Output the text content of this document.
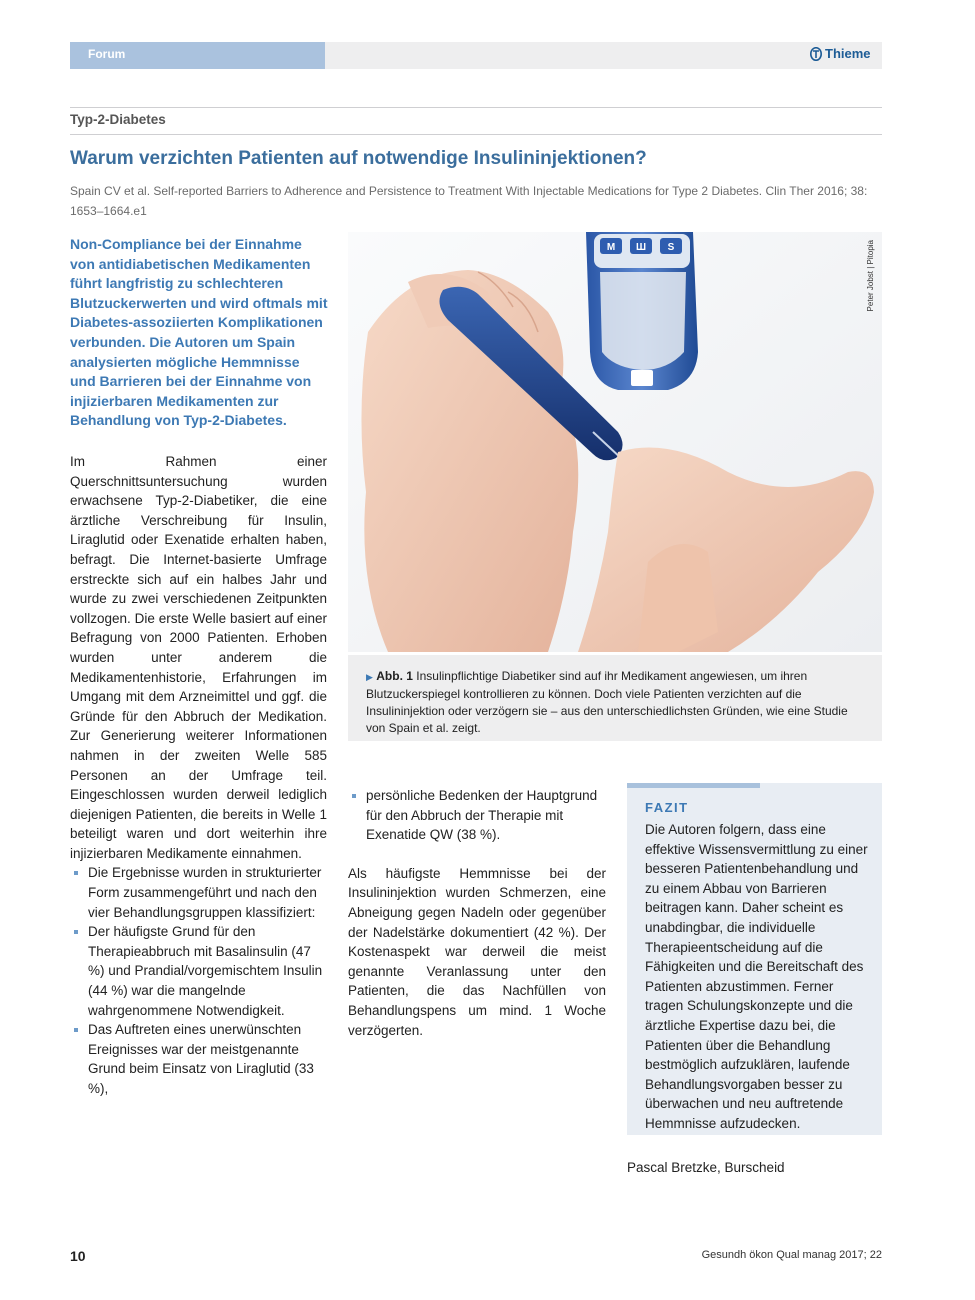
Forum	Thieme
Typ-2-Diabetes
Warum verzichten Patienten auf notwendige Insulininjektionen?
Spain CV et al. Self-reported Barriers to Adherence and Persistence to Treatment With Injectable Medications for Type 2 Diabetes. Clin Ther 2016; 38: 1653–1664.e1
Non-Compliance bei der Einnahme von antidiabetischen Medikamenten führt langfristig zu schlechteren Blutzuckerwerten und wird oftmals mit Diabetes-assoziierten Komplikationen verbunden. Die Autoren um Spain analysierten mögliche Hemmnisse und Barrieren bei der Einnahme von injizierbaren Medikamenten zur Behandlung von Typ-2-Diabetes.
Im Rahmen einer Querschnittsuntersuchung wurden erwachsene Typ-2-Diabetiker, die eine ärztliche Verschreibung für Insulin, Liraglutid oder Exenatide erhalten haben, befragt. Die Internet-basierte Umfrage erstreckte sich auf ein halbes Jahr und wurde zu zwei verschiedenen Zeitpunkten vollzogen. Die erste Welle basiert auf einer Befragung von 2000 Patienten. Erhoben wurden unter anderem die Medikamentenhistorie, Erfahrungen im Umgang mit dem Arzneimittel und ggf. die Gründe für den Abbruch der Medikation. Zur Generierung weiterer Informationen nahmen in der zweiten Welle 585 Personen an der Umfrage teil. Eingeschlossen wurden derweil lediglich diejenigen Patienten, die bereits in Welle 1 beteiligt waren und dort weiterhin ihre injizierbaren Medikamente einnahmen.
Die Ergebnisse wurden in strukturierter Form zusammengeführt und nach den vier Behandlungsgruppen klassifiziert:
Der häufigste Grund für den Therapieabbruch mit Basalinsulin (47 %) und Prandial/vorgemischtem Insulin (44 %) war die mangelnde wahrgenommene Notwendigkeit.
Das Auftreten eines unerwünschten Ereignisses war der meistgenannte Grund beim Einsatz von Liraglutid (33 %),
M Ш S	Peter Jobst | Pitopia
▶ Abb. 1 Insulinpflichtige Diabetiker sind auf ihr Medikament angewiesen, um ihren Blutzuckerspiegel kontrollieren zu können. Doch viele Patienten verzichten auf die Insulininjektion oder verzögern sie – aus den unterschiedlichsten Gründen, wie eine Studie von Spain et al. zeigt.
persönliche Bedenken der Hauptgrund für den Abbruch der Therapie mit Exenatide QW (38 %).

Als häufigste Hemmnisse bei der Insulininjektion wurden Schmerzen, eine Abneigung gegen Nadeln oder gegenüber der Nadelstärke dokumentiert (42 %). Der Kostenaspekt war derweil die meist genannte Veranlassung unter den Patienten, die das Nachfüllen von Behandlungspens um mind. 1 Woche verzögerten.

FAZIT
Die Autoren folgern, dass eine effektive Wissensvermittlung zu einer besseren Patientenbehandlung und zu einem Abbau von Barrieren beitragen kann. Daher scheint es unabdingbar, die individuelle Therapieentscheidung auf die Fähigkeiten und die Bereitschaft des Patienten abzustimmen. Ferner tragen Schulungskonzepte und die ärztliche Expertise dazu bei, die Patienten über die Behandlung bestmöglich aufzuklären, laufende Behandlungsvorgaben besser zu überwachen und neu auftretende Hemmnisse aufzudecken.
Pascal Bretzke, Burscheid
10	Gesundh ökon Qual manag 2017; 22
